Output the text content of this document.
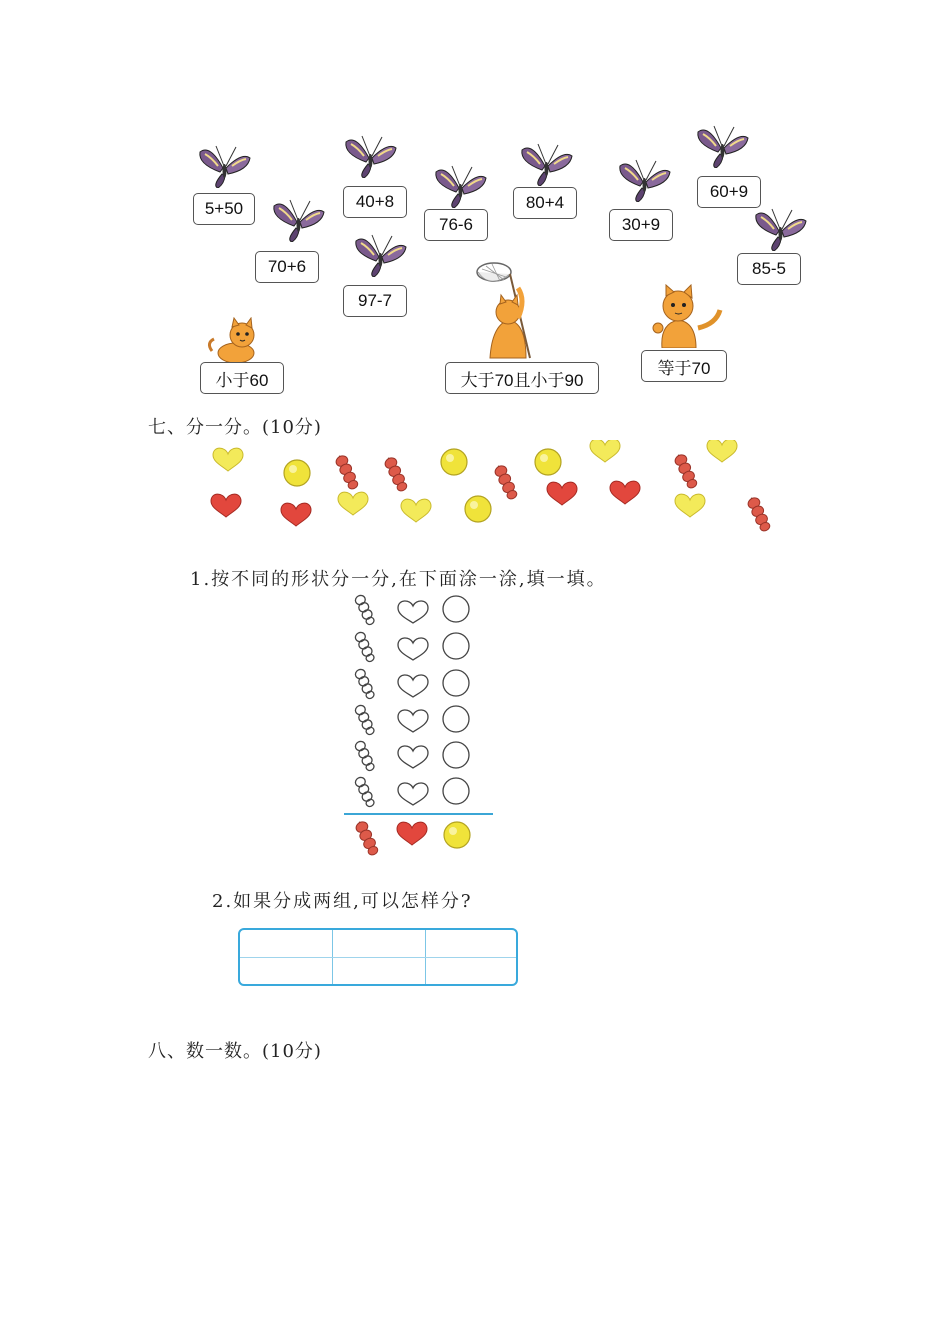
5+50
70+6
40+8
97-7
76-6
80+4
30+9
60+9
85-5
小于60	大于70且小于90
等于70
七、分一分。(10分)
1.按不同的形状分一分,在下面涂一涂,填一填。
2.如果分成两组,可以怎样分?
八、数一数。(10分)
